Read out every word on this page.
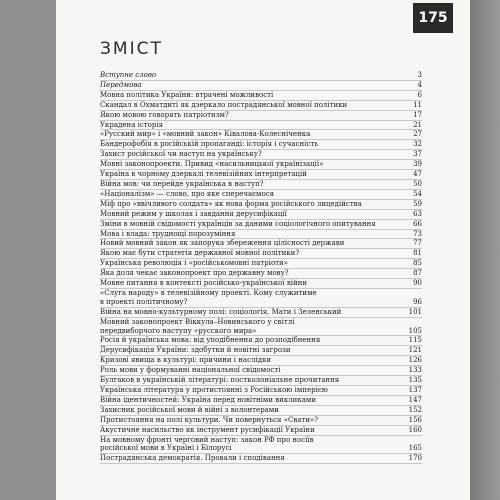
175
ЗМІСТ
Вступне слово	3
Передмова	4
Мовна політика України: втрачені можливості	6
Скандал в Охматдиті як дзеркало пострадянської мовної політики	11
Якою мовою говорять патріотизм?	17
Украдена історія	21
«Русский мир» і «мовний закон» Ківалова-Колесніченка	27
Бандерофобія в російській пропаганді: історія і сучасність	32
Захист російської чи наступ на українську?	37
Мовні законопроекти. Привид «насильницької українізації»	39
Україна в чорному дзеркалі телевізійних інтерпретацій	47
Війна мов: чи перейде українська в наступ?	50
«Націоналізм» — слово, про яке сперечаємося	54
Міф про «ввічливого солдата» як нова форма російського лицедійства	59
Мовний режим у школах і завдання дерусифікації	63
Зміни в мовній свідомості українців за даними соціологічного опитування	66
Мова і влада: труднощі порозуміння	73
Новий мовний закон як запорука збереження цілісності держави	77
Якою має бути стратегія державної мовної політики?	81
Українська революція і «російськомовні патріоти»	85
Яка доля чекає законопроект про державну мову?	87
Мовне питання в контексті російсько-української війни	90
«Слуга народу» в телевізійному проекті. Кому служитиме
в проекті політичному?	96
Війна на мовно-культурному полі: соціологія, Мати і Зеленський	101
Мовний законопроект Віккула–Новинського у світлі
передвиборчого наступу «русского мира»	105
Росія й українська мова: від уподібнення до розподібнення	115
Дерусифікація України: здобутки й новітні загрози	121
Кризові явища в культурі: причини і наслідки	126
Роль мови у формуванні національної свідомості	133
Булгаков в українській літературі: постколоніальне прочитання	135
Українська література у протистоянні з Російською імперією	137
Війна ідентичностей: Україна перед новітніми викликами	147
Захисник російської мови й війні з волонтерами	152
Протистояння на полі культури. Чи повернуться «Свати»?	156
Акустичне насильство як інструмент русифікації України	160
На мовному фронті черговий наступ: закон РФ про носіїв
російської мови в Україні і Білорусі	165
Пострадянська демократія. Провали і сподівання	170
